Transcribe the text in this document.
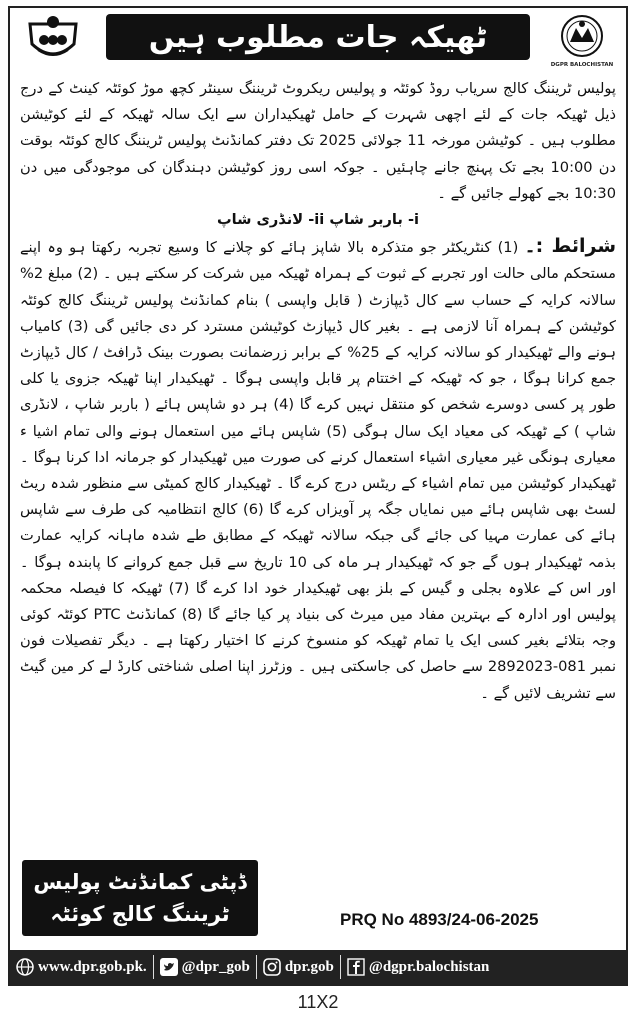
ٹھیکہ جات مطلوب ہیں
DGPR BALOCHISTAN

پولیس ٹریننگ کالج سریاب روڈ کوئٹہ و پولیس ریکروٹ ٹریننگ سینٹر کچھ موڑ کوئٹہ کینٹ کے درج ذیل ٹھیکہ جات کے لئے اچھی شہرت کے حامل ٹھیکیداران سے ایک سالہ ٹھیکہ کے لئے کوٹیشن مطلوب ہیں ۔ کوٹیشن مورخہ 11 جولائی 2025 تک دفتر کمانڈنٹ پولیس ٹریننگ کالج کوئٹہ بوقت دن 10:00 بجے تک پہنچ جانے چاہئیں ۔ جوکہ اسی روز کوٹیشن دہندگان کی موجودگی میں دن 10:30 بجے کھولے جائیں گے ۔

i- باربر شاپ ii- لانڈری شاپ

شرائط :۔ (1) کنٹریکٹر جو متذکرہ بالا شاپز ہائے کو چلانے کا وسیع تجربہ رکھتا ہو وہ اپنے مستحکم مالی حالت اور تجربے کے ثبوت کے ہمراہ ٹھیکہ میں شرکت کر سکتے ہیں ۔ (2) مبلغ 2% سالانہ کرایہ کے حساب سے کال ڈیپازٹ ( قابل واپسی ) بنام کمانڈنٹ پولیس ٹریننگ کالج کوئٹہ کوٹیشن کے ہمراہ آنا لازمی ہے ۔ بغیر کال ڈیپازٹ کوٹیشن مسترد کر دی جائیں گی (3) کامیاب ہونے والے ٹھیکیدار کو سالانہ کرایہ کے 25% کے برابر زرضمانت بصورت بینک ڈرافٹ / کال ڈیپازٹ جمع کرانا ہوگا ، جو کہ ٹھیکہ کے اختتام پر قابل واپسی ہوگا ۔ ٹھیکیدار اپنا ٹھیکہ جزوی یا کلی طور پر کسی دوسرے شخص کو منتقل نہیں کرے گا (4) ہر دو شاپس ہائے ( باربر شاپ ، لانڈری شاپ ) کے ٹھیکہ کی معیاد ایک سال ہوگی (5) شاپس ہائے میں استعمال ہونے والی تمام اشیا ء معیاری ہونگی غیر معیاری اشیاء استعمال کرنے کی صورت میں ٹھیکیدار کو جرمانہ ادا کرنا ہوگا ۔ ٹھیکیدار کوٹیشن میں تمام اشیاء کے ریٹس درج کرے گا ۔ ٹھیکیدار کالج کمیٹی سے منظور شدہ ریٹ لسٹ بھی شاپس ہائے میں نمایاں جگہ پر آویزاں کرے گا (6) کالج انتظامیہ کی طرف سے شاپس ہائے کی عمارت مہیا کی جائے گی جبکہ سالانہ ٹھیکہ کے مطابق طے شدہ ماہانہ کرایہ عمارت بذمہ ٹھیکیدار ہوں گے جو کہ ٹھیکیدار ہر ماہ کی 10 تاریخ سے قبل جمع کروانے کا پابندہ ہوگا ۔ اور اس کے علاوہ بجلی و گیس کے بلز بھی ٹھیکیدار خود ادا کرے گا (7) ٹھیکہ کا فیصلہ محکمہ پولیس اور ادارہ کے بہترین مفاد میں میرٹ کی بنیاد پر کیا جائے گا (8) کمانڈنٹ PTC کوئٹہ کوئی وجہ بتلائے بغیر کسی ایک یا تمام ٹھیکہ کو منسوخ کرنے کا اختیار رکھتا ہے ۔ دیگر تفصیلات فون نمبر 081-2892023 سے حاصل کی جاسکتی ہیں ۔ وزٹرز اپنا اصلی شناختی کارڈ لے کر مین گیٹ سے تشریف لائیں گے ۔

ڈپٹی کمانڈنٹ پولیس
ٹریننگ کالج کوئٹہ	PRQ No 4893/24-06-2025
www.dpr.gob.pk. @dpr_gob dpr.gob @dgpr.balochistan
11X2
